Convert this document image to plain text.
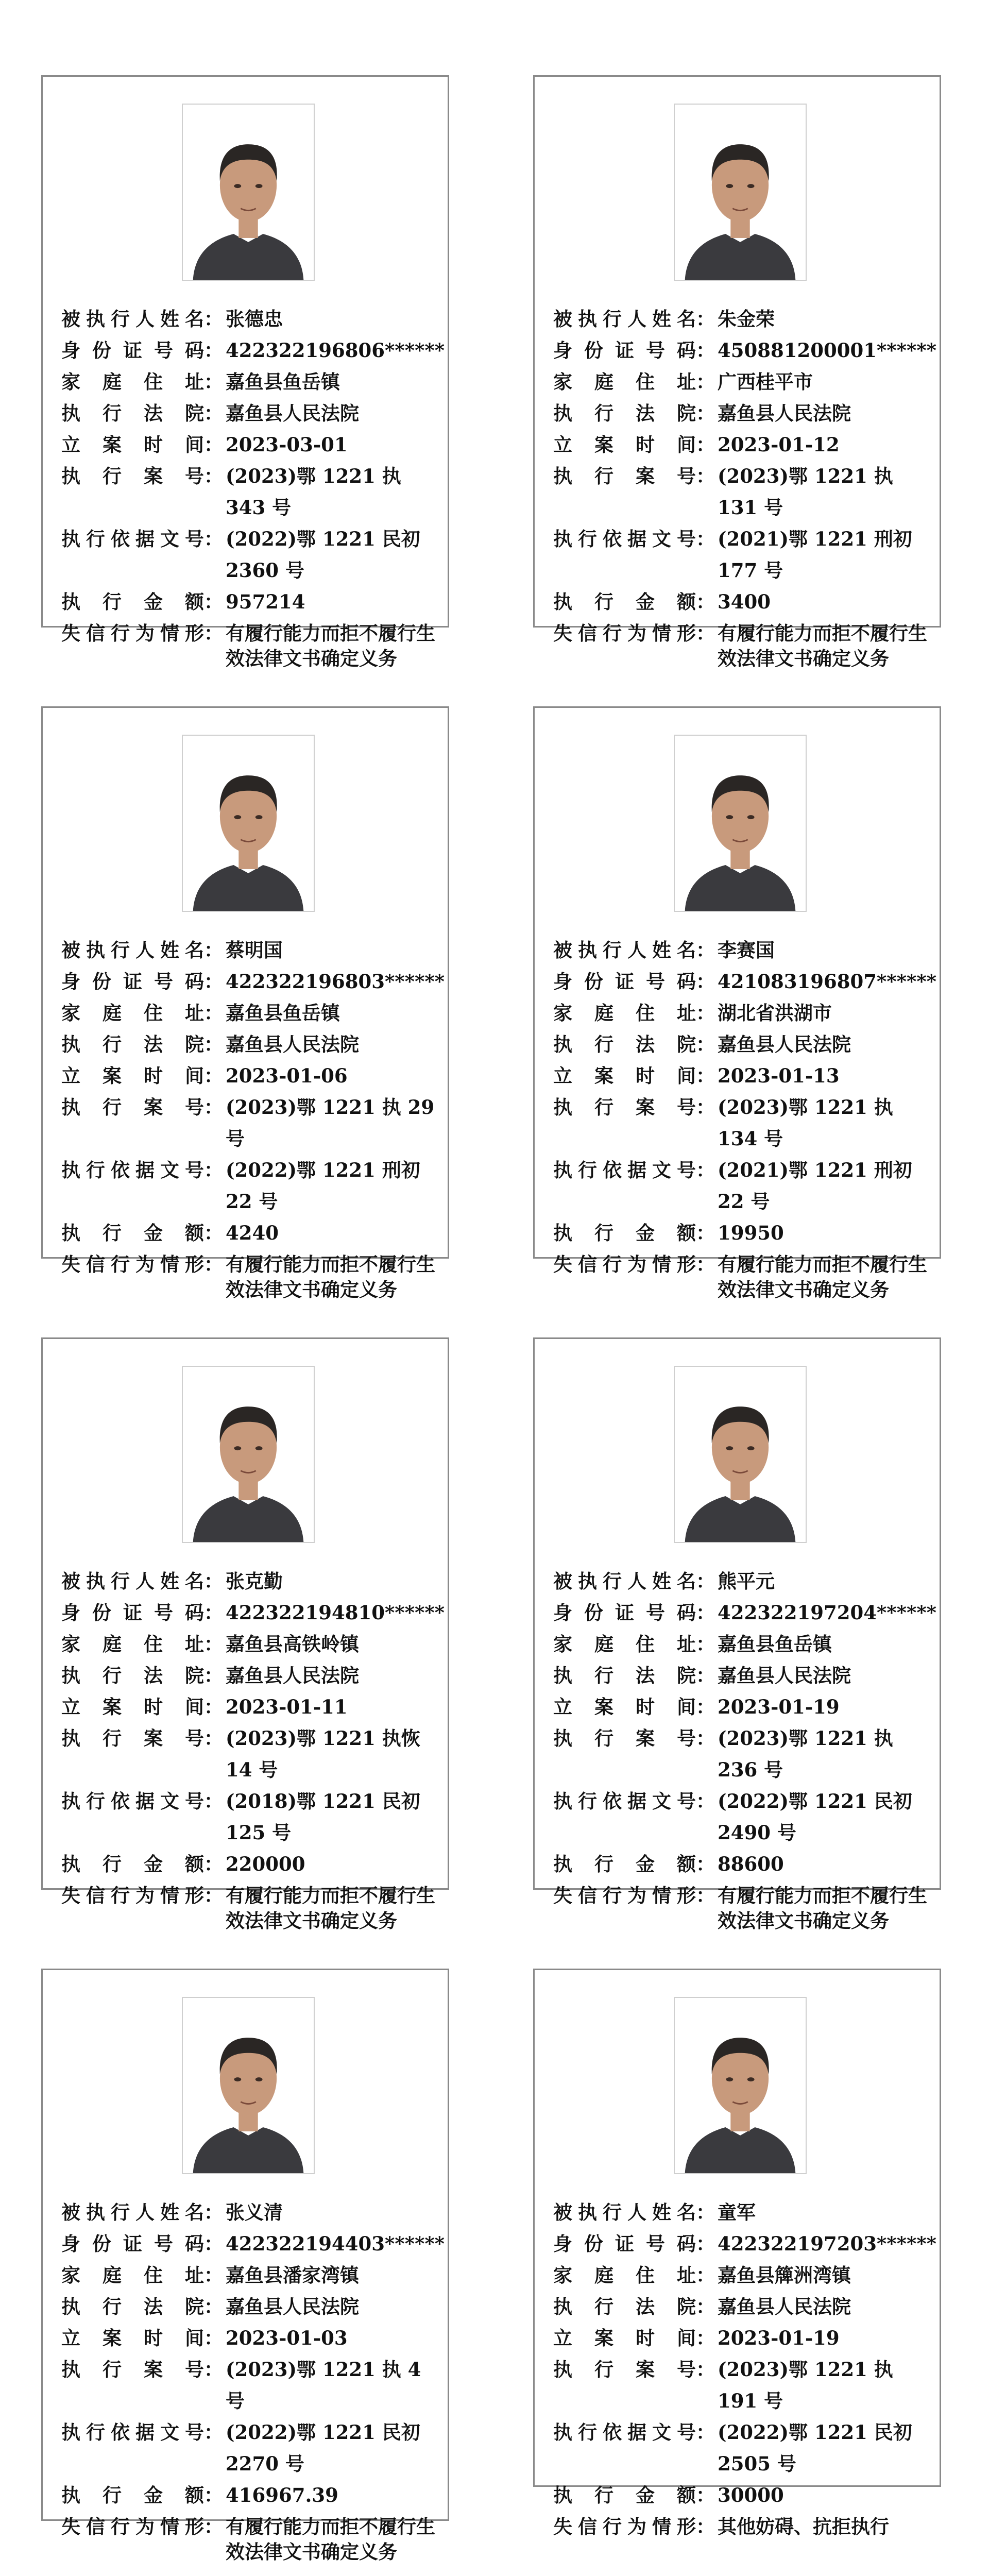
被执行人姓名 ： 张德忠
身份证号码 ： 422322196806******
家庭住址 ： 嘉鱼县鱼岳镇
执行法院 ： 嘉鱼县人民法院
立案时间 ： 2023-03-01
执行案号 ： (2023)鄂 1221 执 343 号
执行依据文号 ： (2022)鄂 1221 民初 2360 号
执行金额 ： 957214
失信行为情形 ： 有履行能力而拒不履行生效法律文书确定义务
被执行人姓名 ： 朱金荣
身份证号码 ： 450881200001******
家庭住址 ： 广西桂平市
执行法院 ： 嘉鱼县人民法院
立案时间 ： 2023-01-12
执行案号 ： (2023)鄂 1221 执 131 号
执行依据文号 ： (2021)鄂 1221 刑初 177 号
执行金额 ： 3400
失信行为情形 ： 有履行能力而拒不履行生效法律文书确定义务
被执行人姓名 ： 蔡明国
身份证号码 ： 422322196803******
家庭住址 ： 嘉鱼县鱼岳镇
执行法院 ： 嘉鱼县人民法院
立案时间 ： 2023-01-06
执行案号 ： (2023)鄂 1221 执 29 号
执行依据文号 ： (2022)鄂 1221 刑初 22 号
执行金额 ： 4240
失信行为情形 ： 有履行能力而拒不履行生效法律文书确定义务
被执行人姓名 ： 李赛国
身份证号码 ： 421083196807******
家庭住址 ： 湖北省洪湖市
执行法院 ： 嘉鱼县人民法院
立案时间 ： 2023-01-13
执行案号 ： (2023)鄂 1221 执 134 号
执行依据文号 ： (2021)鄂 1221 刑初 22 号
执行金额 ： 19950
失信行为情形 ： 有履行能力而拒不履行生效法律文书确定义务
被执行人姓名 ： 张克勤
身份证号码 ： 422322194810******
家庭住址 ： 嘉鱼县高铁岭镇
执行法院 ： 嘉鱼县人民法院
立案时间 ： 2023-01-11
执行案号 ： (2023)鄂 1221 执恢 14 号
执行依据文号 ： (2018)鄂 1221 民初 125 号
执行金额 ： 220000
失信行为情形 ： 有履行能力而拒不履行生效法律文书确定义务
被执行人姓名 ： 熊平元
身份证号码 ： 422322197204******
家庭住址 ： 嘉鱼县鱼岳镇
执行法院 ： 嘉鱼县人民法院
立案时间 ： 2023-01-19
执行案号 ： (2023)鄂 1221 执 236 号
执行依据文号 ： (2022)鄂 1221 民初 2490 号
执行金额 ： 88600
失信行为情形 ： 有履行能力而拒不履行生效法律文书确定义务
被执行人姓名 ： 张义清
身份证号码 ： 422322194403******
家庭住址 ： 嘉鱼县潘家湾镇
执行法院 ： 嘉鱼县人民法院
立案时间 ： 2023-01-03
执行案号 ： (2023)鄂 1221 执 4 号
执行依据文号 ： (2022)鄂 1221 民初 2270 号
执行金额 ： 416967.39
失信行为情形 ： 有履行能力而拒不履行生效法律文书确定义务
被执行人姓名 ： 童军
身份证号码 ： 422322197203******
家庭住址 ： 嘉鱼县簰洲湾镇
执行法院 ： 嘉鱼县人民法院
立案时间 ： 2023-01-19
执行案号 ： (2023)鄂 1221 执 191 号
执行依据文号 ： (2022)鄂 1221 民初 2505 号
执行金额 ： 30000
失信行为情形 ： 其他妨碍、抗拒执行
